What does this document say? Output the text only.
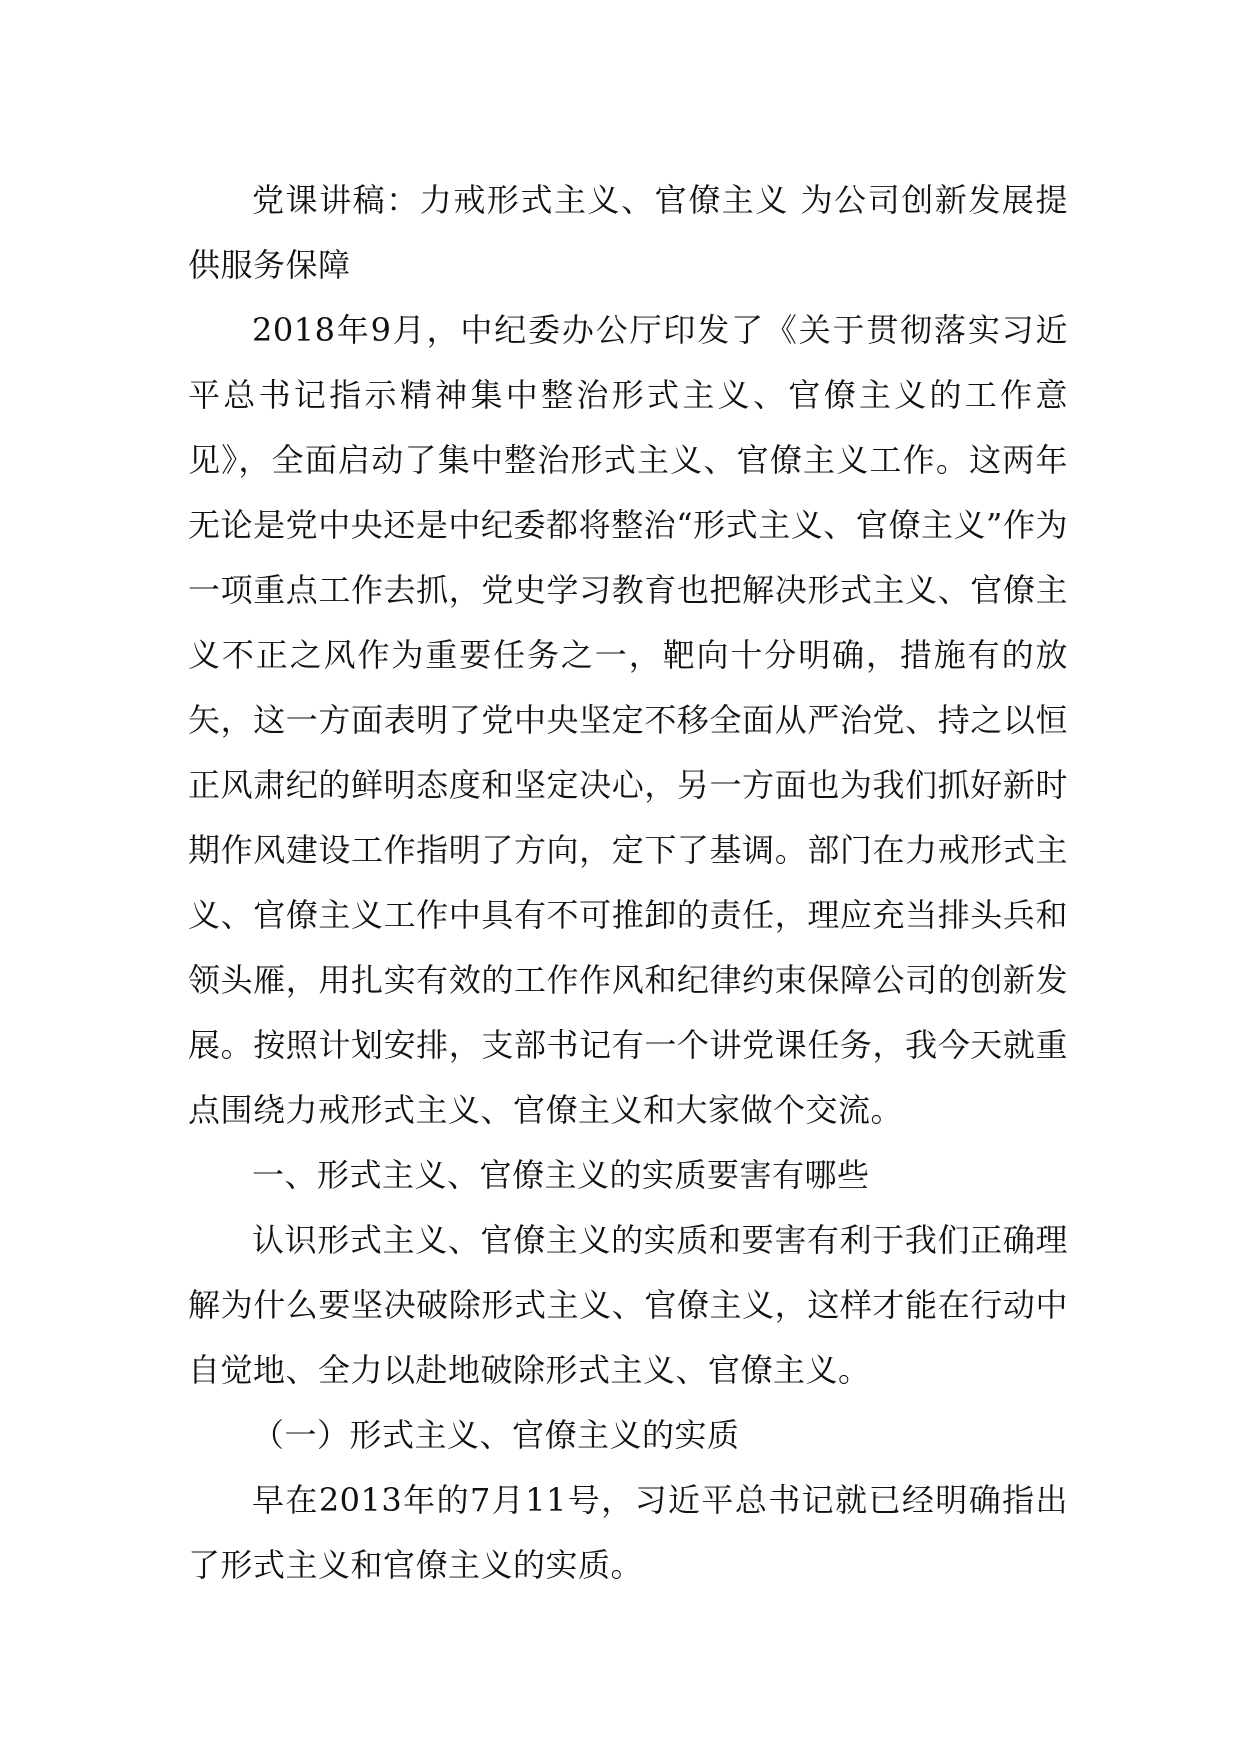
党课讲稿：力戒形式主义、官僚主义 为公司创新发展提供服务保障

2018年9月，中纪委办公厅印发了《关于贯彻落实习近平总书记指示精神集中整治形式主义、官僚主义的工作意见》，全面启动了集中整治形式主义、官僚主义工作。这两年无论是党中央还是中纪委都将整治“形式主义、官僚主义”作为一项重点工作去抓，党史学习教育也把解决形式主义、官僚主义不正之风作为重要任务之一，靶向十分明确，措施有的放矢，这一方面表明了党中央坚定不移全面从严治党、持之以恒正风肃纪的鲜明态度和坚定决心，另一方面也为我们抓好新时期作风建设工作指明了方向，定下了基调。部门在力戒形式主义、官僚主义工作中具有不可推卸的责任，理应充当排头兵和领头雁，用扎实有效的工作作风和纪律约束保障公司的创新发展。按照计划安排，支部书记有一个讲党课任务，我今天就重点围绕力戒形式主义、官僚主义和大家做个交流。

一、形式主义、官僚主义的实质要害有哪些

认识形式主义、官僚主义的实质和要害有利于我们正确理解为什么要坚决破除形式主义、官僚主义，这样才能在行动中自觉地、全力以赴地破除形式主义、官僚主义。

（一）形式主义、官僚主义的实质

早在2013年的7月11号，习近平总书记就已经明确指出了形式主义和官僚主义的实质。
